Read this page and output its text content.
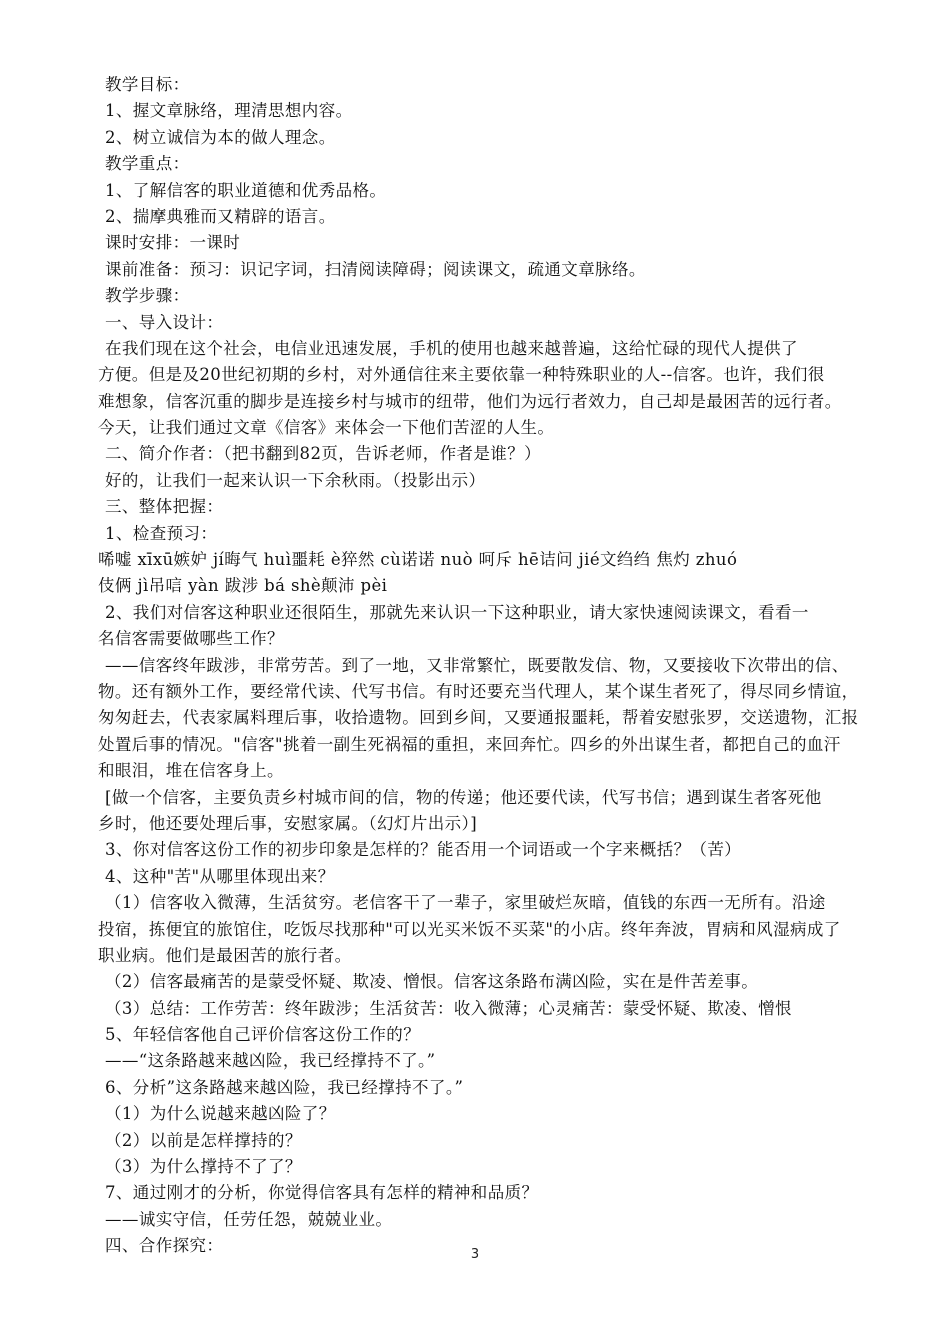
教学目标：
1、握文章脉络，理清思想内容。
2、树立诚信为本的做人理念。
教学重点：
1、了解信客的职业道德和优秀品格。
2、揣摩典雅而又精辟的语言。
课时安排：一课时
课前准备：预习：识记字词，扫清阅读障碍；阅读课文，疏通文章脉络。
教学步骤：
一、导入设计：
在我们现在这个社会，电信业迅速发展，手机的使用也越来越普遍，这给忙碌的现代人提供了
方便。但是及20世纪初期的乡村，对外通信往来主要依靠一种特殊职业的人--信客。也许，我们很
难想象，信客沉重的脚步是连接乡村与城市的纽带，他们为远行者效力，自己却是最困苦的远行者。
今天，让我们通过文章《信客》来体会一下他们苦涩的人生。
二、简介作者：（把书翻到82页，告诉老师，作者是谁？）
好的，让我们一起来认识一下余秋雨。（投影出示）
三、整体把握：
1、检查预习：
唏嘘 xīxū嫉妒 jí晦气 huì噩耗 è猝然 cù诺诺 nuò 呵斥 hē诘问 jié文绉绉 焦灼 zhuó
伎俩 jì吊唁 yàn 跋涉 bá shè颠沛 pèi
2、我们对信客这种职业还很陌生，那就先来认识一下这种职业，请大家快速阅读课文，看看一
名信客需要做哪些工作？
——信客终年跋涉，非常劳苦。到了一地，又非常繁忙，既要散发信、物，又要接收下次带出的信、
物。还有额外工作，要经常代读、代写书信。有时还要充当代理人，某个谋生者死了，得尽同乡情谊，
匆匆赶去，代表家属料理后事，收拾遗物。回到乡间，又要通报噩耗，帮着安慰张罗，交送遗物，汇报
处置后事的情况。"信客"挑着一副生死祸福的重担，来回奔忙。四乡的外出谋生者，都把自己的血汗
和眼泪，堆在信客身上。
[做一个信客，主要负责乡村城市间的信，物的传递；他还要代读，代写书信；遇到谋生者客死他
乡时，他还要处理后事，安慰家属。（幻灯片出示）]
3、你对信客这份工作的初步印象是怎样的？能否用一个词语或一个字来概括？（苦）
4、这种"苦"从哪里体现出来？
（1）信客收入微薄，生活贫穷。老信客干了一辈子，家里破烂灰暗，值钱的东西一无所有。沿途
投宿，拣便宜的旅馆住，吃饭尽找那种"可以光买米饭不买菜"的小店。终年奔波，胃病和风湿病成了
职业病。他们是最困苦的旅行者。
（2）信客最痛苦的是蒙受怀疑、欺凌、憎恨。信客这条路布满凶险，实在是件苦差事。
（3）总结：工作劳苦：终年跋涉；生活贫苦：收入微薄；心灵痛苦：蒙受怀疑、欺凌、憎恨
5、年轻信客他自己评价信客这份工作的？
——“这条路越来越凶险，我已经撑持不了。”
6、分析”这条路越来越凶险，我已经撑持不了。”
（1）为什么说越来越凶险了？
（2）以前是怎样撑持的？
（3）为什么撑持不了了？
7、通过刚才的分析，你觉得信客具有怎样的精神和品质？
——诚实守信，任劳任怨，兢兢业业。
四、合作探究：	3
